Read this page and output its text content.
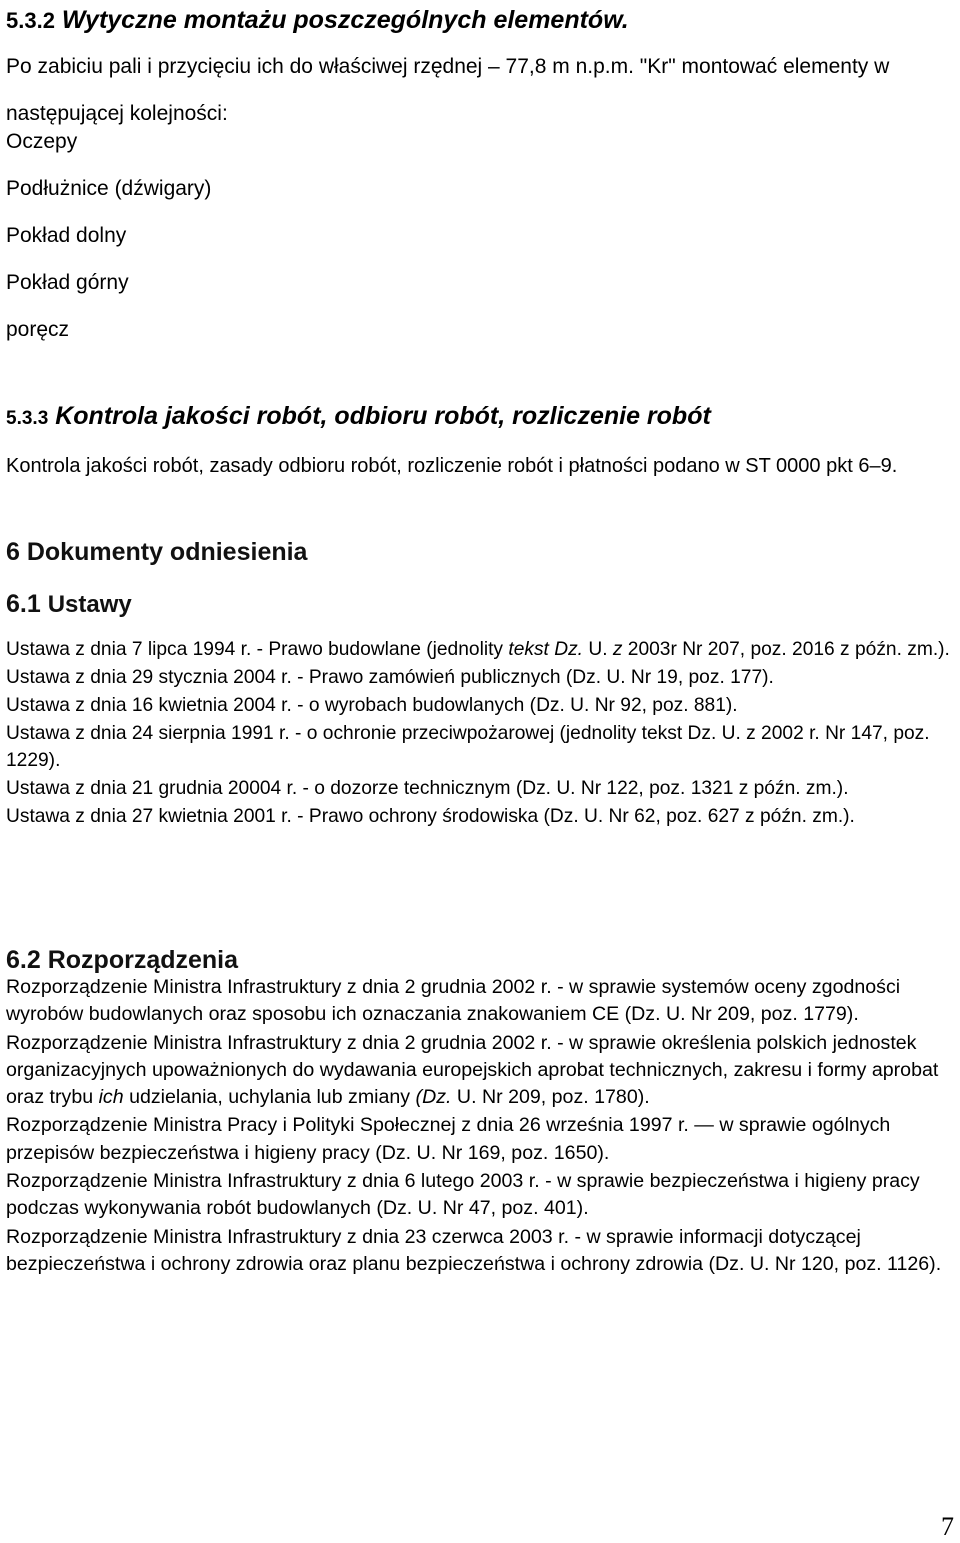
5.3.2 Wytyczne montażu poszczególnych elementów.

Po zabiciu pali i przycięciu ich do właściwej rzędnej – 77,8 m n.p.m. "Kr" montować elementy w następującej kolejności:

Oczepy
Podłużnice (dźwigary)
Pokład dolny
Pokład górny
poręcz
5.3.3 Kontrola jakości robót, odbioru robót, rozliczenie robót

Kontrola jakości robót, zasady odbioru robót, rozliczenie robót i płatności podano w ST 0000 pkt 6–9.

6 Dokumenty odniesienia
6.1 Ustawy
Ustawa z dnia 7 lipca 1994 r. - Prawo budowlane (jednolity tekst Dz. U. z 2003r Nr 207, poz. 2016 z późn. zm.).
Ustawa z dnia 29 stycznia 2004 r. - Prawo zamówień publicznych (Dz. U. Nr 19, poz. 177).
Ustawa z dnia 16 kwietnia 2004 r. - o wyrobach budowlanych (Dz. U. Nr 92, poz. 881).
Ustawa z dnia 24 sierpnia 1991 r. - o ochronie przeciwpożarowej (jednolity tekst Dz. U. z 2002 r. Nr 147, poz. 1229).
Ustawa z dnia 21 grudnia 20004 r. - o dozorze technicznym (Dz. U. Nr 122, poz. 1321 z późn. zm.).
Ustawa z dnia 27 kwietnia 2001 r. - Prawo ochrony środowiska (Dz. U. Nr 62, poz. 627 z późn. zm.).
6.2 Rozporządzenia
Rozporządzenie Ministra Infrastruktury z dnia 2 grudnia 2002 r. - w sprawie systemów oceny zgodności wyrobów budowlanych oraz sposobu ich oznaczania znakowaniem CE (Dz. U. Nr 209, poz. 1779).
Rozporządzenie Ministra Infrastruktury z dnia 2 grudnia 2002 r. - w sprawie określenia polskich jednostek organizacyjnych upoważnionych do wydawania europejskich aprobat technicznych, zakresu i formy aprobat oraz trybu ich udzielania, uchylania lub zmiany (Dz. U. Nr 209, poz. 1780).
Rozporządzenie Ministra Pracy i Polityki Społecznej z dnia 26 września 1997 r. — w sprawie ogólnych przepisów bezpieczeństwa i higieny pracy (Dz. U. Nr 169, poz. 1650).
Rozporządzenie Ministra Infrastruktury z dnia 6 lutego 2003 r. - w sprawie bezpieczeństwa i higieny pracy podczas wykonywania robót budowlanych (Dz. U. Nr 47, poz. 401).
Rozporządzenie Ministra Infrastruktury z dnia 23 czerwca 2003 r. - w sprawie informacji dotyczącej bezpieczeństwa i ochrony zdrowia oraz planu bezpieczeństwa i ochrony zdrowia (Dz. U. Nr 120, poz. 1126).
7
